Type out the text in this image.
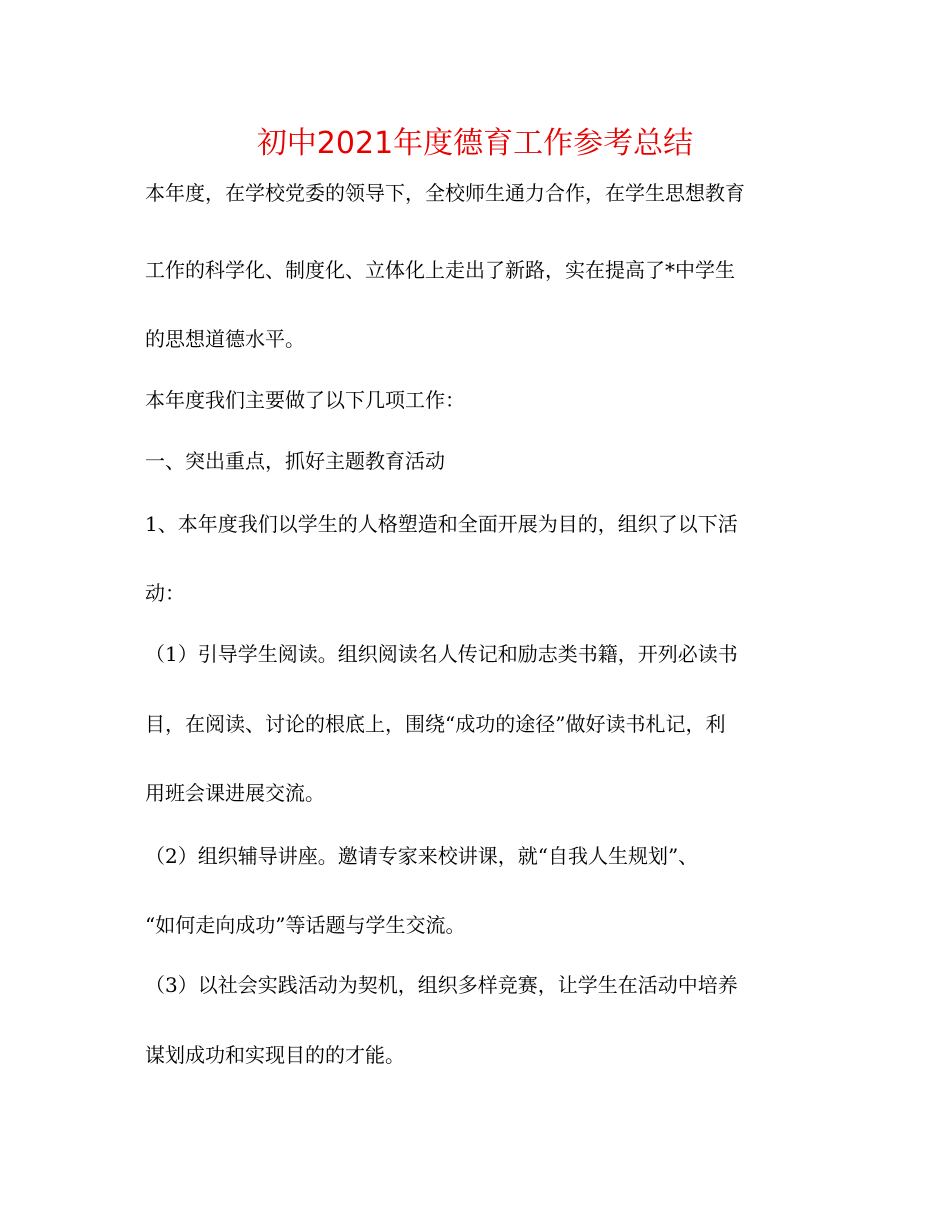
初中2021年度德育工作参考总结
本年度，在学校党委的领导下，全校师生通力合作，在学生思想教育
工作的科学化、制度化、立体化上走出了新路，实在提高了*中学生
的思想道德水平。
本年度我们主要做了以下几项工作：
一、突出重点，抓好主题教育活动
1、本年度我们以学生的人格塑造和全面开展为目的，组织了以下活
动：
（1）引导学生阅读。组织阅读名人传记和励志类书籍，开列必读书
目，在阅读、讨论的根底上，围绕“成功的途径”做好读书札记，利
用班会课进展交流。
（2）组织辅导讲座。邀请专家来校讲课，就“自我人生规划”、
“如何走向成功”等话题与学生交流。
（3）以社会实践活动为契机，组织多样竞赛，让学生在活动中培养
谋划成功和实现目的的才能。
